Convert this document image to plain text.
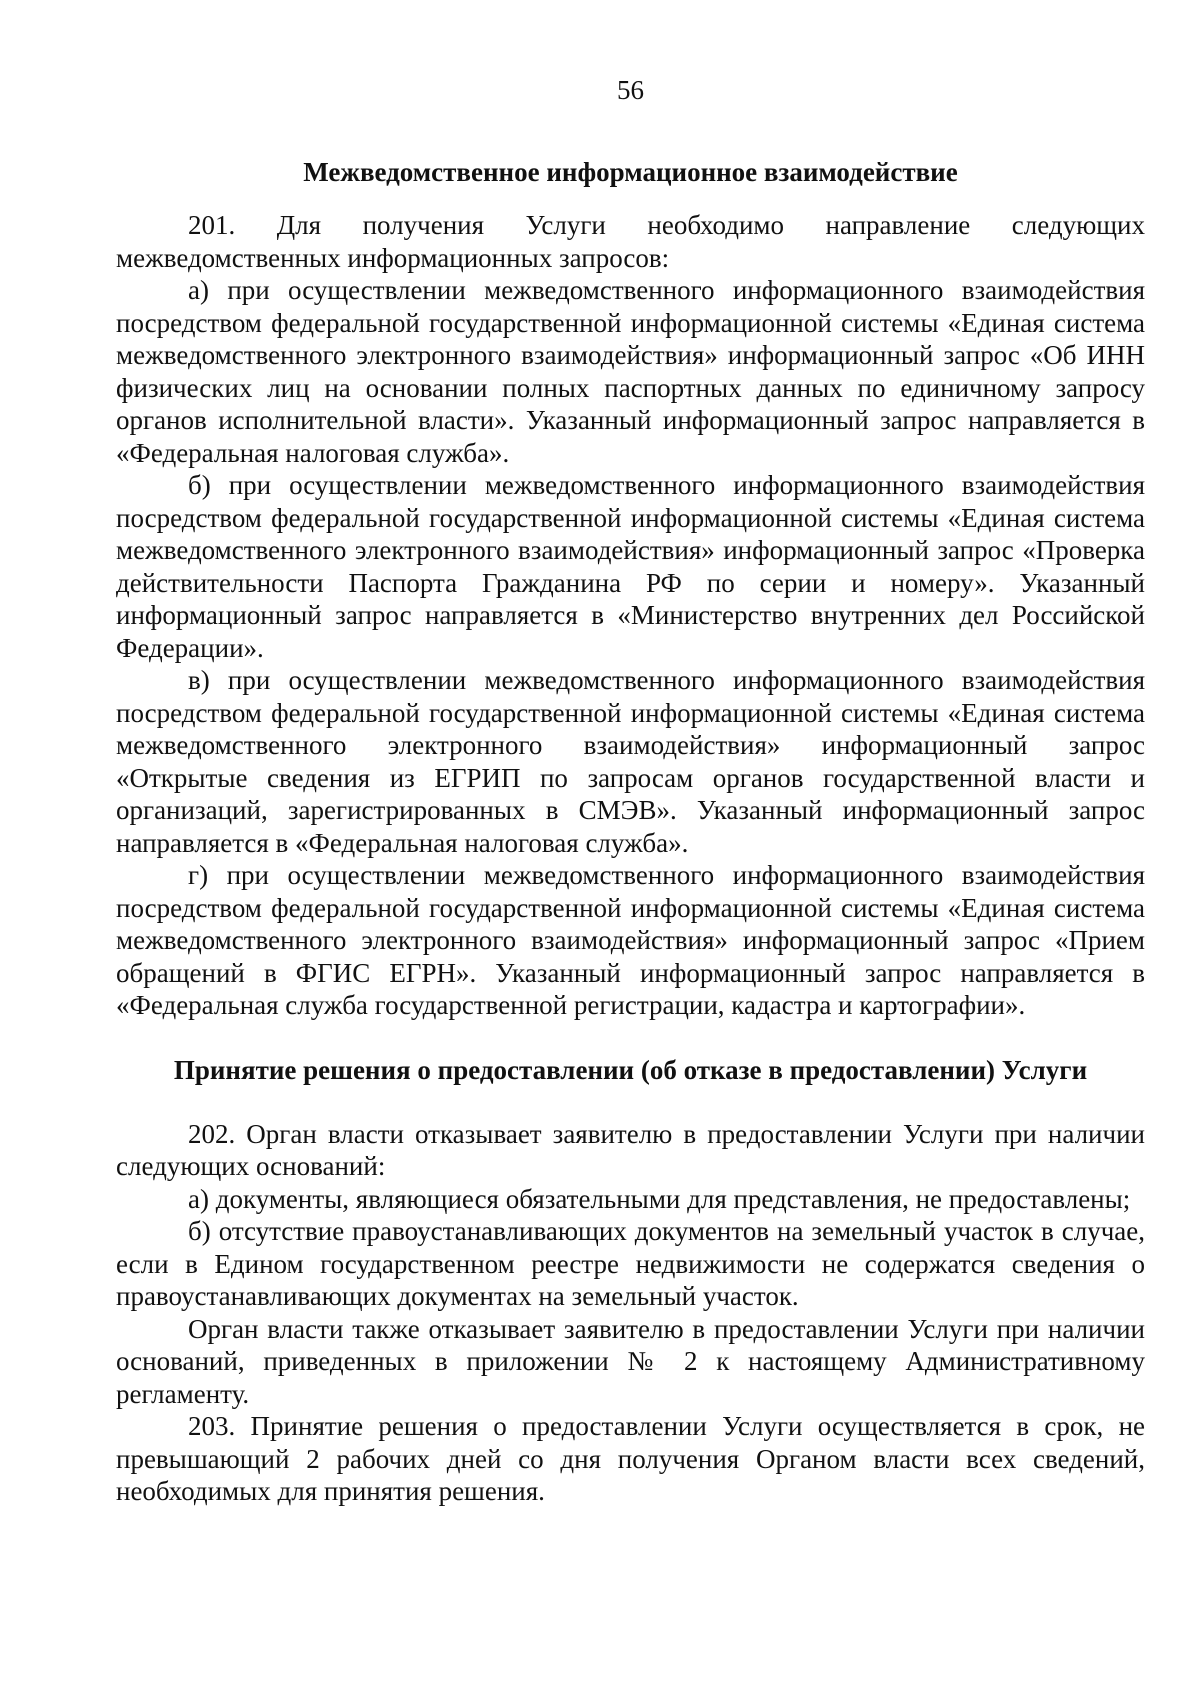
56
Межведомственное информационное взаимодействие

201. Для получения Услуги необходимо направление следующих межведомственных информационных запросов:

а) при осуществлении межведомственного информационного взаимодействия посредством федеральной государственной информационной системы «Единая система межведомственного электронного взаимодействия» информационный запрос «Об ИНН физических лиц на основании полных паспортных данных по единичному запросу органов исполнительной власти». Указанный информационный запрос направляется в «Федеральная налоговая служба».

б) при осуществлении межведомственного информационного взаимодействия посредством федеральной государственной информационной системы «Единая система межведомственного электронного взаимодействия» информационный запрос «Проверка действительности Паспорта Гражданина РФ по серии и номеру». Указанный информационный запрос направляется в «Министерство внутренних дел Российской Федерации».

в) при осуществлении межведомственного информационного взаимодействия посредством федеральной государственной информационной системы «Единая система межведомственного электронного взаимодействия» информационный запрос «Открытые сведения из ЕГРИП по запросам органов государственной власти и организаций, зарегистрированных в СМЭВ». Указанный информационный запрос направляется в «Федеральная налоговая служба».

г) при осуществлении межведомственного информационного взаимодействия посредством федеральной государственной информационной системы «Единая система межведомственного электронного взаимодействия» информационный запрос «Прием обращений в ФГИС ЕГРН». Указанный информационный запрос направляется в «Федеральная служба государственной регистрации, кадастра и картографии».

Принятие решения о предоставлении (об отказе в предоставлении) Услуги

202. Орган власти отказывает заявителю в предоставлении Услуги при наличии следующих оснований:

а) документы, являющиеся обязательными для представления, не предоставлены;

б) отсутствие правоустанавливающих документов на земельный участок в случае, если в Едином государственном реестре недвижимости не содержатся сведения о правоустанавливающих документах на земельный участок.

Орган власти также отказывает заявителю в предоставлении Услуги при наличии оснований, приведенных в приложении № 2 к настоящему Административному регламенту.

203. Принятие решения о предоставлении Услуги осуществляется в срок, не превышающий 2 рабочих дней со дня получения Органом власти всех сведений, необходимых для принятия решения.
